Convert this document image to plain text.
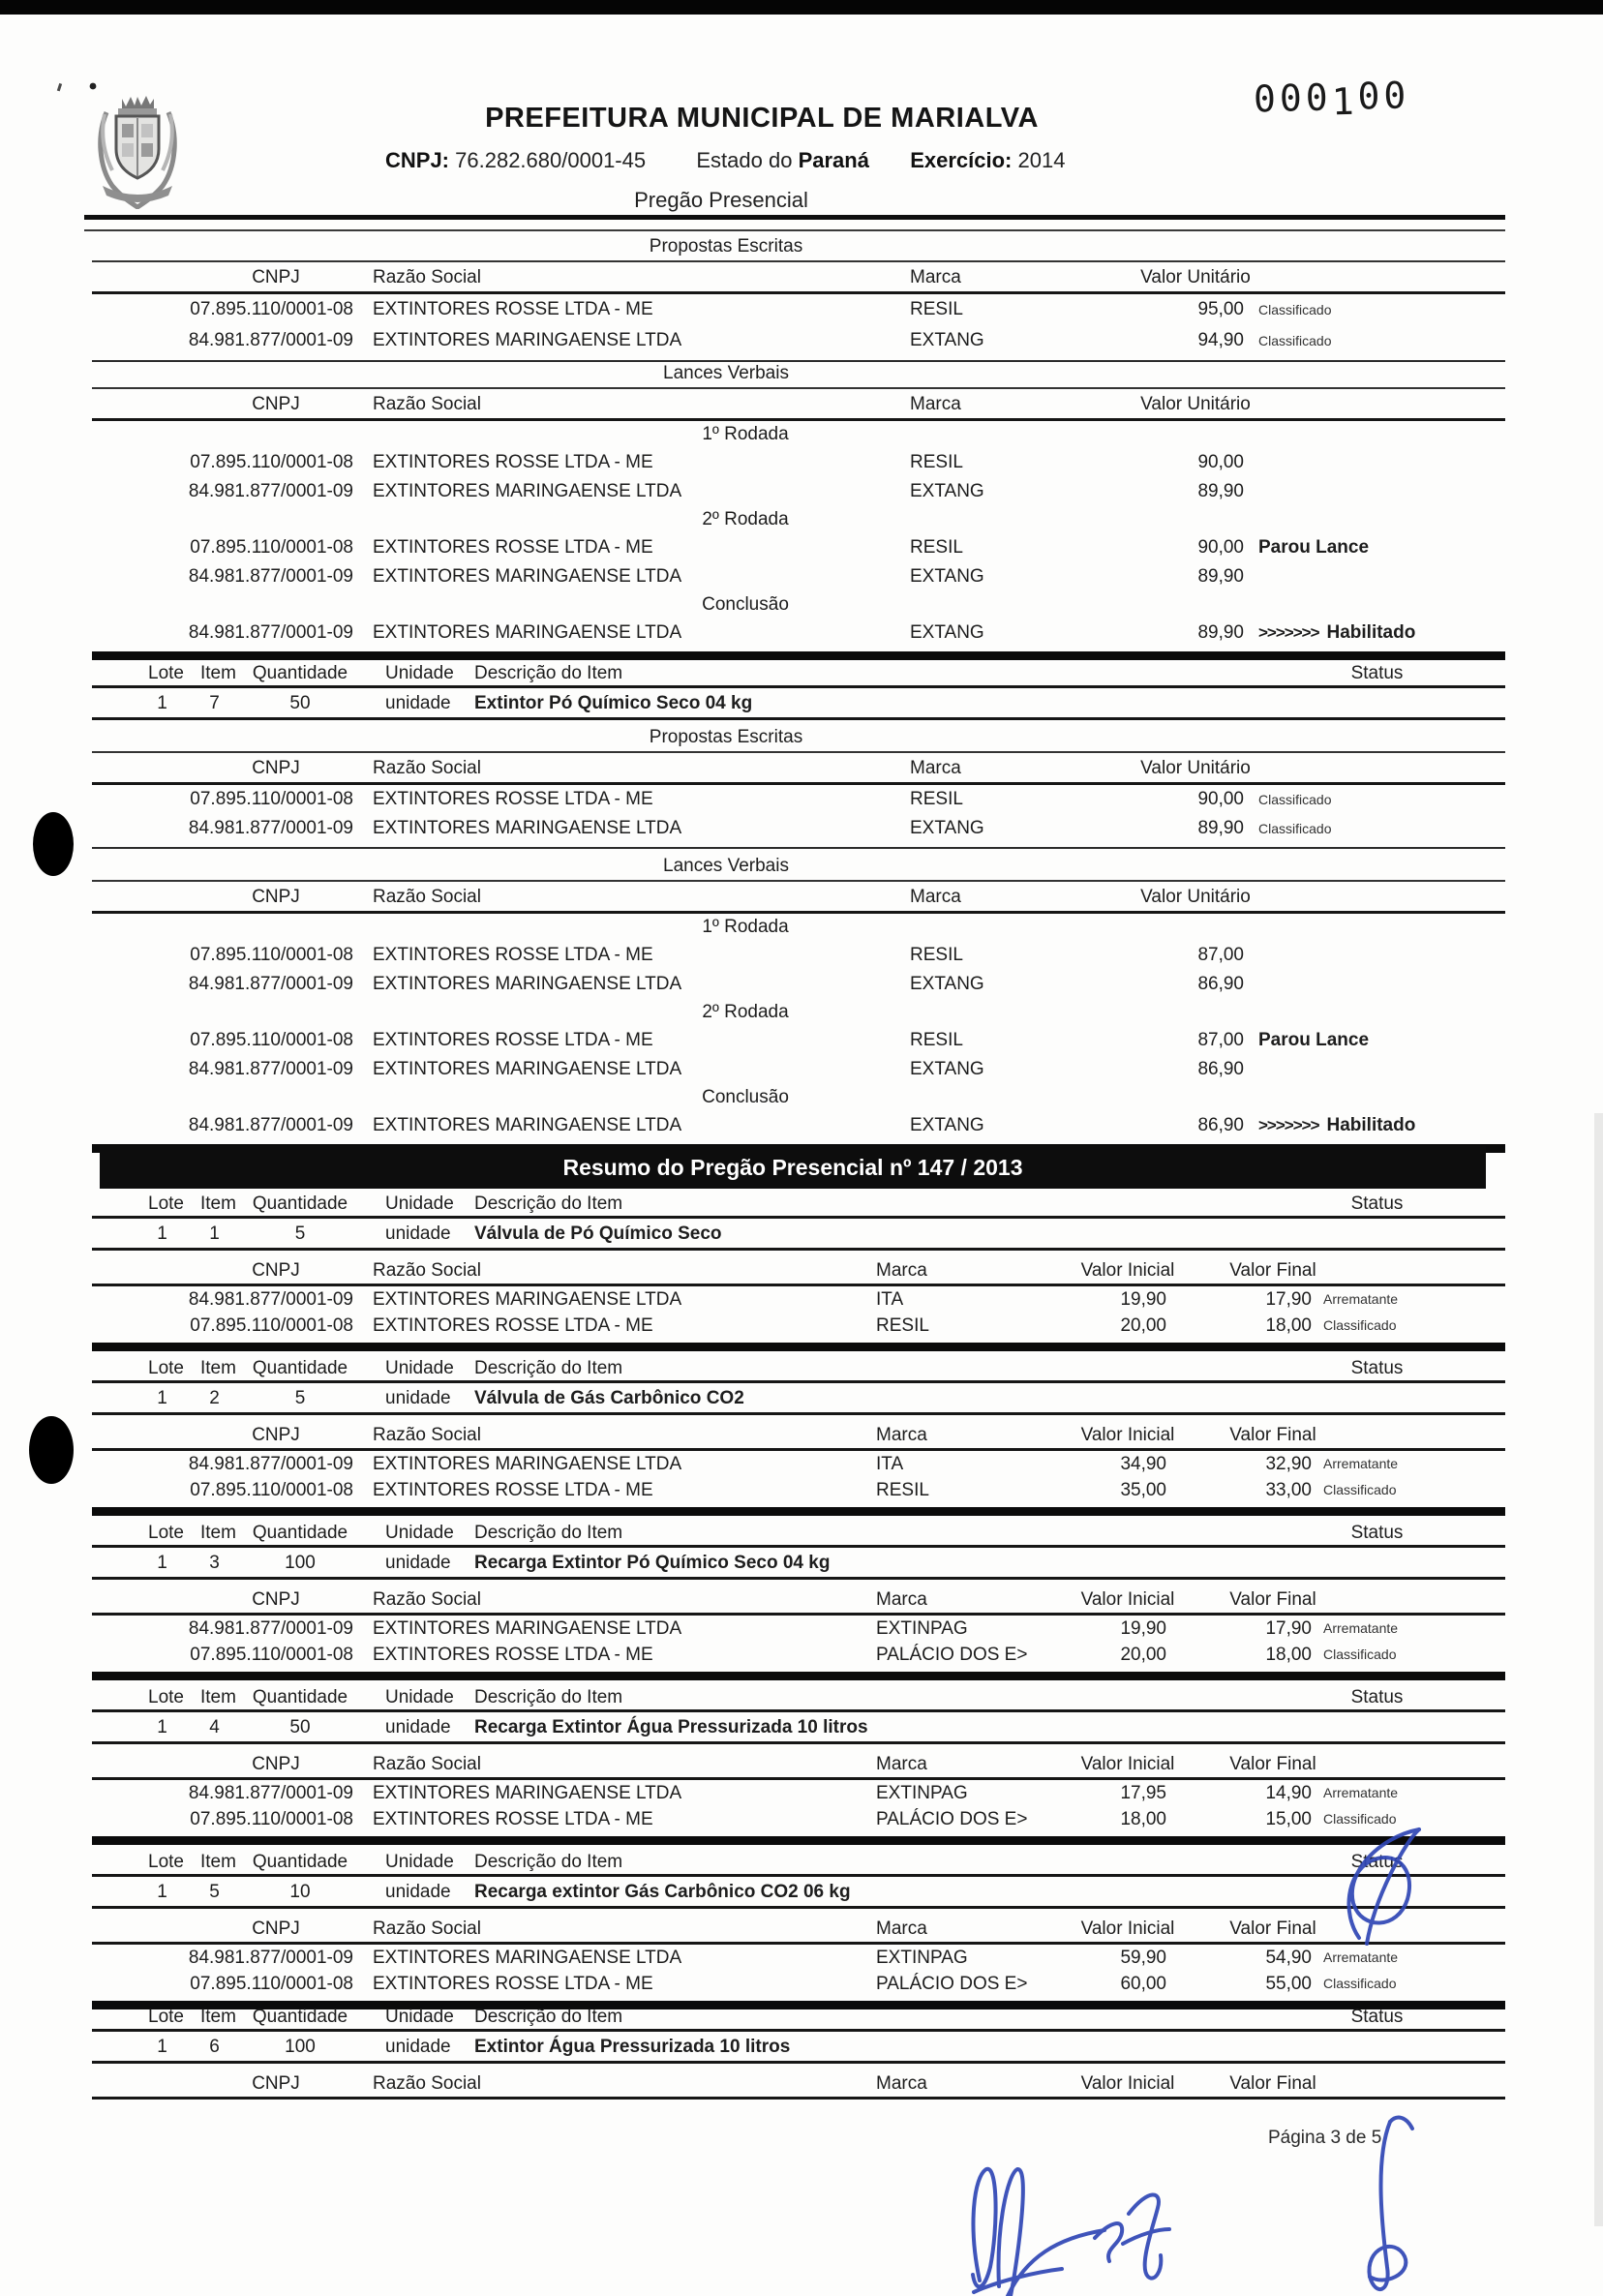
PREFEITURA MUNICIPAL DE MARIALVA
CNPJ: 76.282.680/0001-45 Estado do Paraná Exercício: 2014
Pregão Presencial
000100
Propostas Escritas
CNPJ	Razão Social	Marca	Valor Unitário
07.895.110/0001-08 EXTINTORES ROSSE LTDA - ME	RESIL	95,00 Classificado
84.981.877/0001-09 EXTINTORES MARINGAENSE LTDA	EXTANG	94,90 Classificado
Lances Verbais
CNPJ	Razão Social	Marca	Valor Unitário
1º Rodada
07.895.110/0001-08 EXTINTORES ROSSE LTDA - ME	RESIL	90,00
84.981.877/0001-09 EXTINTORES MARINGAENSE LTDA	EXTANG	89,90
2º Rodada
07.895.110/0001-08 EXTINTORES ROSSE LTDA - ME	RESIL	90,00 Parou Lance
84.981.877/0001-09 EXTINTORES MARINGAENSE LTDA	EXTANG	89,90
Conclusão
84.981.877/0001-09 EXTINTORES MARINGAENSE LTDA	EXTANG	89,90 >>>>>>> Habilitado
Lote Item Quantidade	Unidade Descrição do Item	Status
1	7	50	unidade Extintor Pó Químico Seco 04 kg
Propostas Escritas
CNPJ	Razão Social	Marca	Valor Unitário
07.895.110/0001-08 EXTINTORES ROSSE LTDA - ME	RESIL	90,00 Classificado
84.981.877/0001-09 EXTINTORES MARINGAENSE LTDA	EXTANG	89,90 Classificado
Lances Verbais
CNPJ	Razão Social	Marca	Valor Unitário
1º Rodada
07.895.110/0001-08 EXTINTORES ROSSE LTDA - ME	RESIL	87,00
84.981.877/0001-09 EXTINTORES MARINGAENSE LTDA	EXTANG	86,90
2º Rodada
07.895.110/0001-08 EXTINTORES ROSSE LTDA - ME	RESIL	87,00 Parou Lance
84.981.877/0001-09 EXTINTORES MARINGAENSE LTDA	EXTANG	86,90
Conclusão
84.981.877/0001-09 EXTINTORES MARINGAENSE LTDA	EXTANG	86,90 >>>>>>> Habilitado
Resumo do Pregão Presencial nº 147 / 2013
Lote Item Quantidade	Unidade Descrição do Item	Status
1	1	5	unidade Válvula de Pó Químico Seco
CNPJ	Razão Social	Marca	Valor Inicial	Valor Final
84.981.877/0001-09 EXTINTORES MARINGAENSE LTDA	ITA	19,90	17,90 Arrematante
07.895.110/0001-08 EXTINTORES ROSSE LTDA - ME	RESIL	20,00	18,00 Classificado
Lote Item Quantidade	Unidade Descrição do Item	Status
1	2	5	unidade Válvula de Gás Carbônico CO2
CNPJ	Razão Social	Marca	Valor Inicial	Valor Final
84.981.877/0001-09 EXTINTORES MARINGAENSE LTDA	ITA	34,90	32,90 Arrematante
07.895.110/0001-08 EXTINTORES ROSSE LTDA - ME	RESIL	35,00	33,00 Classificado
Lote Item Quantidade	Unidade Descrição do Item	Status
1	3	100	unidade Recarga Extintor Pó Químico Seco 04 kg
CNPJ	Razão Social	Marca	Valor Inicial	Valor Final
84.981.877/0001-09 EXTINTORES MARINGAENSE LTDA	EXTINPAG	19,90	17,90 Arrematante
07.895.110/0001-08 EXTINTORES ROSSE LTDA - ME	PALÁCIO DOS E>	20,00	18,00 Classificado
Lote Item Quantidade	Unidade Descrição do Item	Status
1	4	50	unidade Recarga Extintor Água Pressurizada 10 litros
CNPJ	Razão Social	Marca	Valor Inicial	Valor Final
84.981.877/0001-09 EXTINTORES MARINGAENSE LTDA	EXTINPAG	17,95	14,90 Arrematante
07.895.110/0001-08 EXTINTORES ROSSE LTDA - ME	PALÁCIO DOS E>	18,00	15,00 Classificado
Lote Item Quantidade	Unidade Descrição do Item	Status
1	5	10	unidade Recarga extintor Gás Carbônico CO2 06 kg
CNPJ	Razão Social	Marca	Valor Inicial	Valor Final
84.981.877/0001-09 EXTINTORES MARINGAENSE LTDA	EXTINPAG	59,90	54,90 Arrematante
07.895.110/0001-08 EXTINTORES ROSSE LTDA - ME	PALÁCIO DOS E>	60,00	55,00 Classificado
Lote Item Quantidade	Unidade Descrição do Item	Status
1	6	100	unidade Extintor Água Pressurizada 10 litros
CNPJ	Razão Social	Marca	Valor Inicial	Valor Final
Página 3 de 5
